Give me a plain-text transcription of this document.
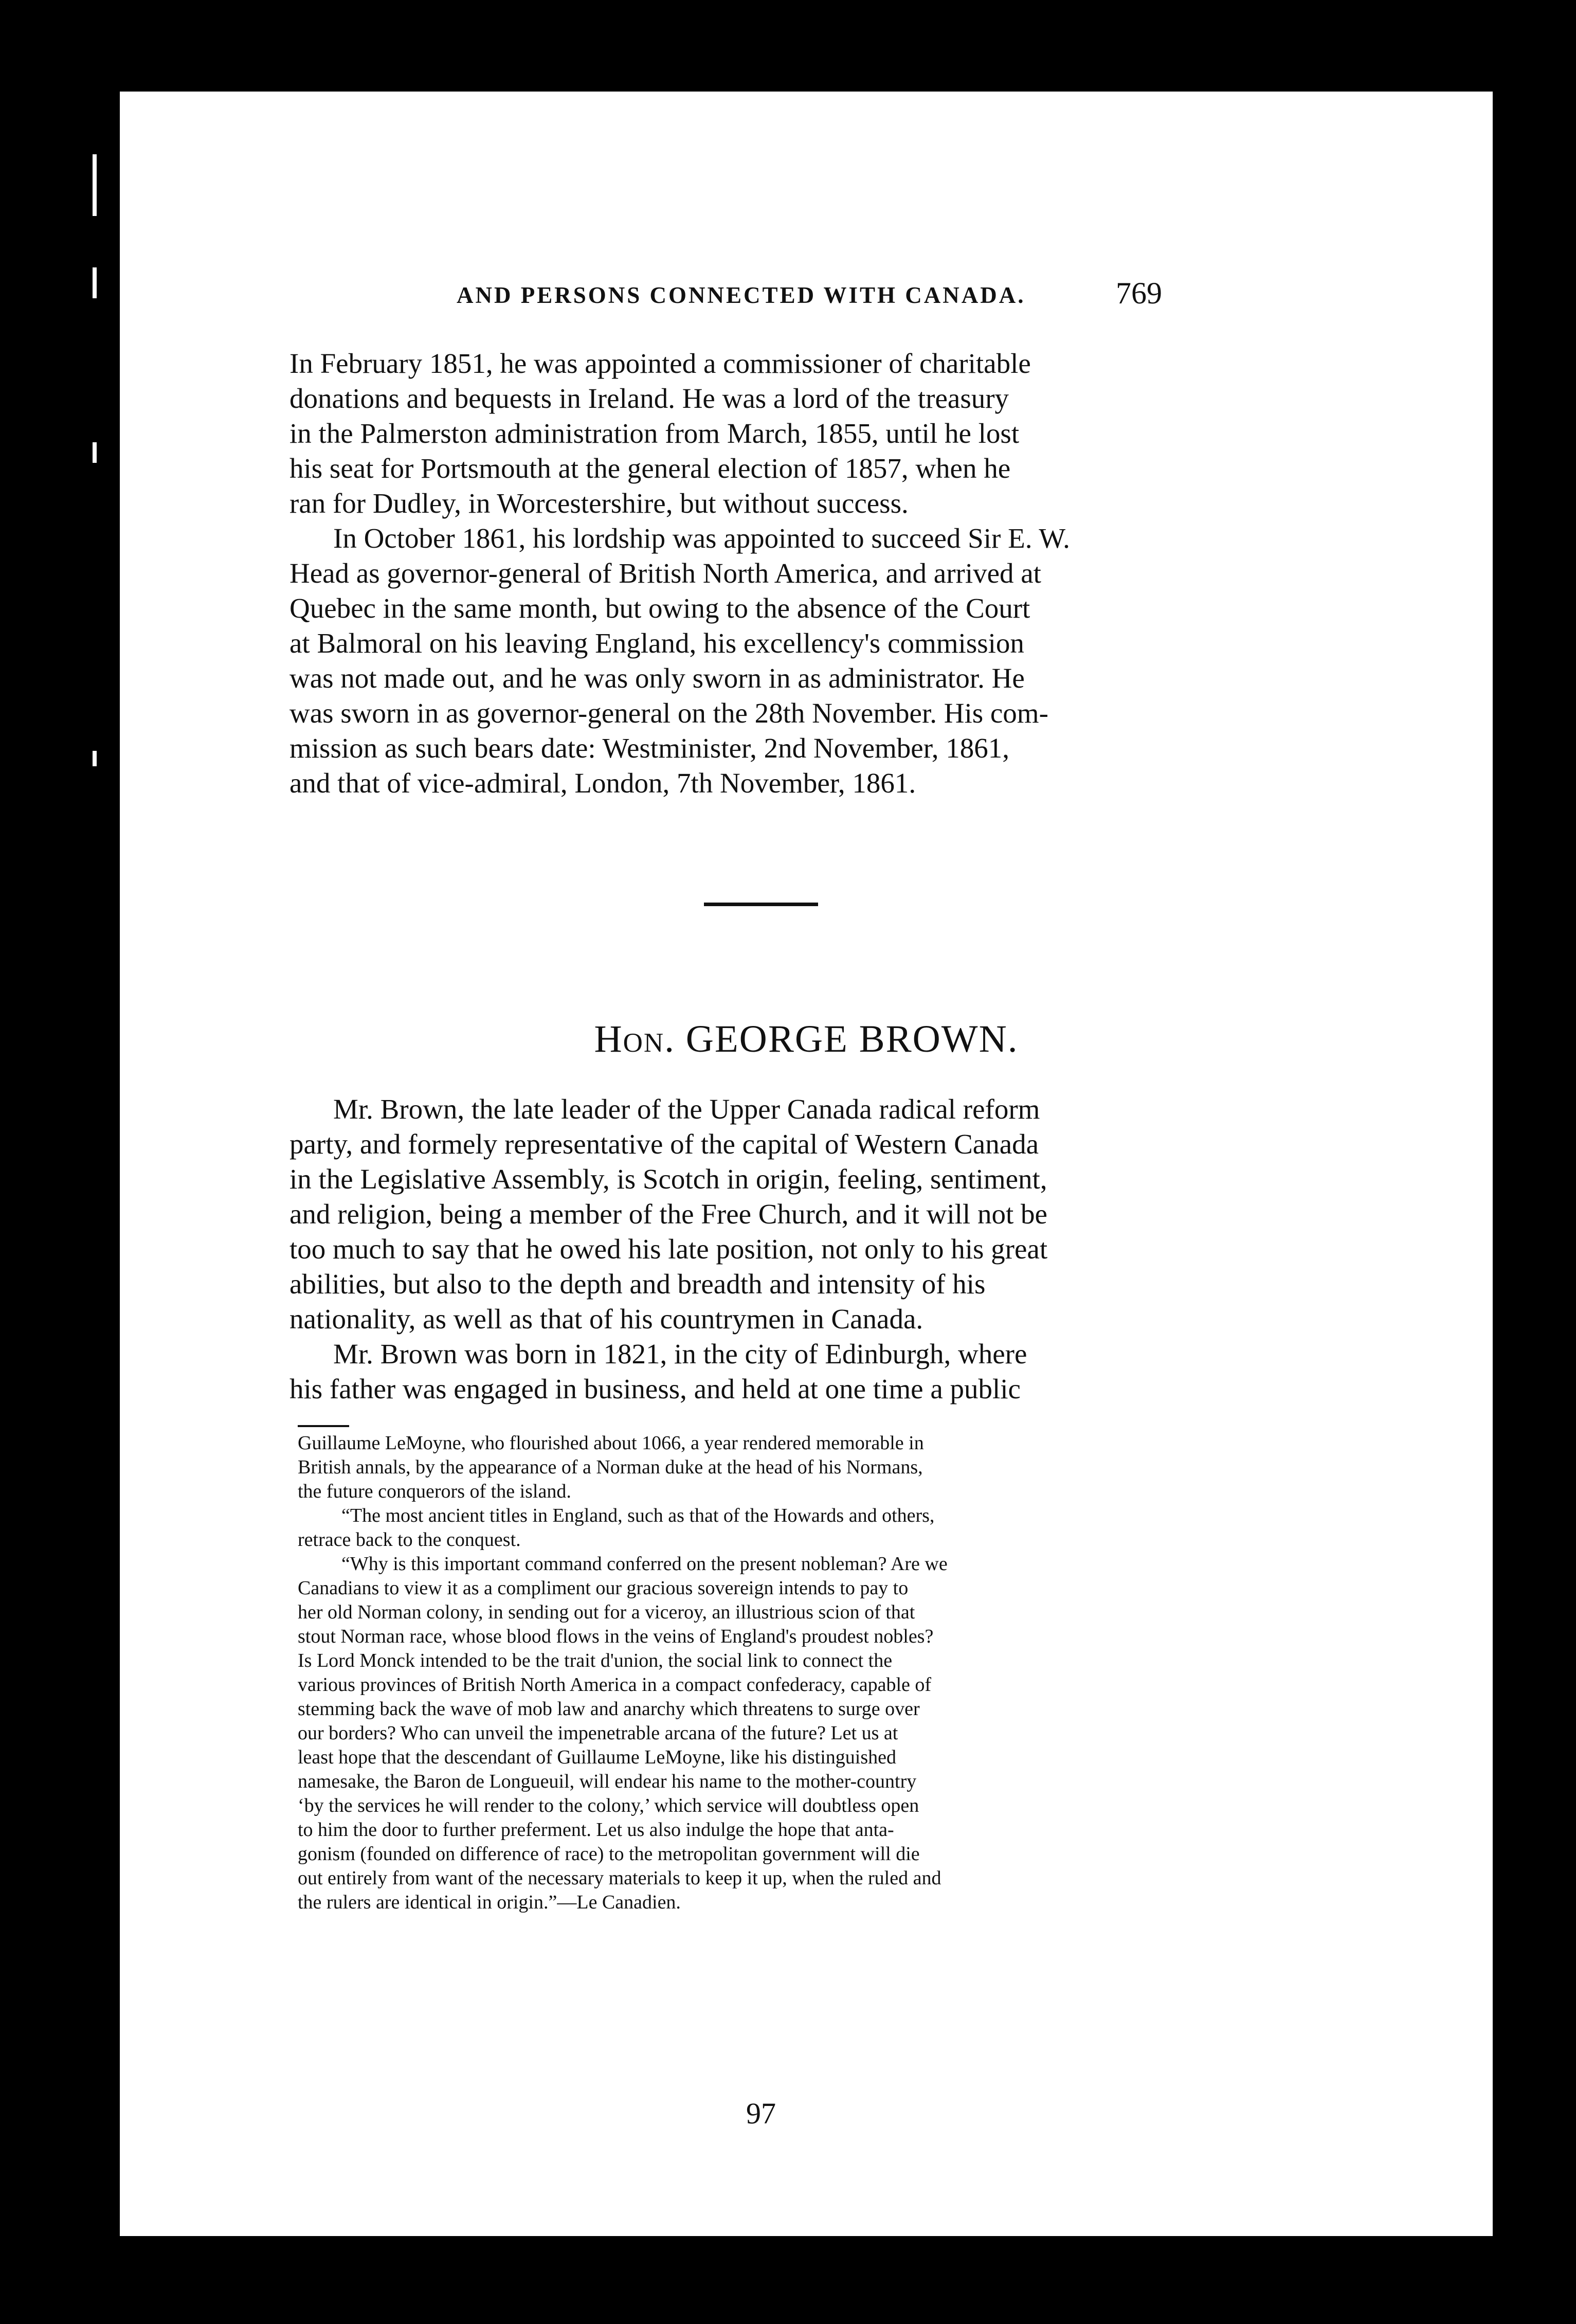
AND PERSONS CONNECTED WITH CANADA.	769

In February 1851, he was appointed a commissioner of charitable
donations and bequests in Ireland. He was a lord of the treasury
in the Palmerston administration from March, 1855, until he lost
his seat for Portsmouth at the general election of 1857, when he
ran for Dudley, in Worcestershire, but without success.

In October 1861, his lordship was appointed to succeed Sir E. W.
Head as governor-general of British North America, and arrived at
Quebec in the same month, but owing to the absence of the Court
at Balmoral on his leaving England, his excellency's commission
was not made out, and he was only sworn in as administrator. He
was sworn in as governor-general on the 28th November. His com-
mission as such bears date: Westminister, 2nd November, 1861,
and that of vice-admiral, London, 7th November, 1861.

Hon. GEORGE BROWN.

Mr. Brown, the late leader of the Upper Canada radical reform
party, and formely representative of the capital of Western Canada
in the Legislative Assembly, is Scotch in origin, feeling, sentiment,
and religion, being a member of the Free Church, and it will not be
too much to say that he owed his late position, not only to his great
abilities, but also to the depth and breadth and intensity of his
nationality, as well as that of his countrymen in Canada.

Mr. Brown was born in 1821, in the city of Edinburgh, where
his father was engaged in business, and held at one time a public

Guillaume LeMoyne, who flourished about 1066, a year rendered memorable in
British annals, by the appearance of a Norman duke at the head of his Normans,
the future conquerors of the island.

“The most ancient titles in England, such as that of the Howards and others,
retrace back to the conquest.

“Why is this important command conferred on the present nobleman? Are we
Canadians to view it as a compliment our gracious sovereign intends to pay to
her old Norman colony, in sending out for a viceroy, an illustrious scion of that
stout Norman race, whose blood flows in the veins of England's proudest nobles?
Is Lord Monck intended to be the trait d'union, the social link to connect the
various provinces of British North America in a compact confederacy, capable of
stemming back the wave of mob law and anarchy which threatens to surge over
our borders? Who can unveil the impenetrable arcana of the future? Let us at
least hope that the descendant of Guillaume LeMoyne, like his distinguished
namesake, the Baron de Longueuil, will endear his name to the mother-country
‘by the services he will render to the colony,’ which service will doubtless open
to him the door to further preferment. Let us also indulge the hope that anta-
gonism (founded on difference of race) to the metropolitan government will die
out entirely from want of the necessary materials to keep it up, when the ruled and
the rulers are identical in origin.”—Le Canadien.

97
